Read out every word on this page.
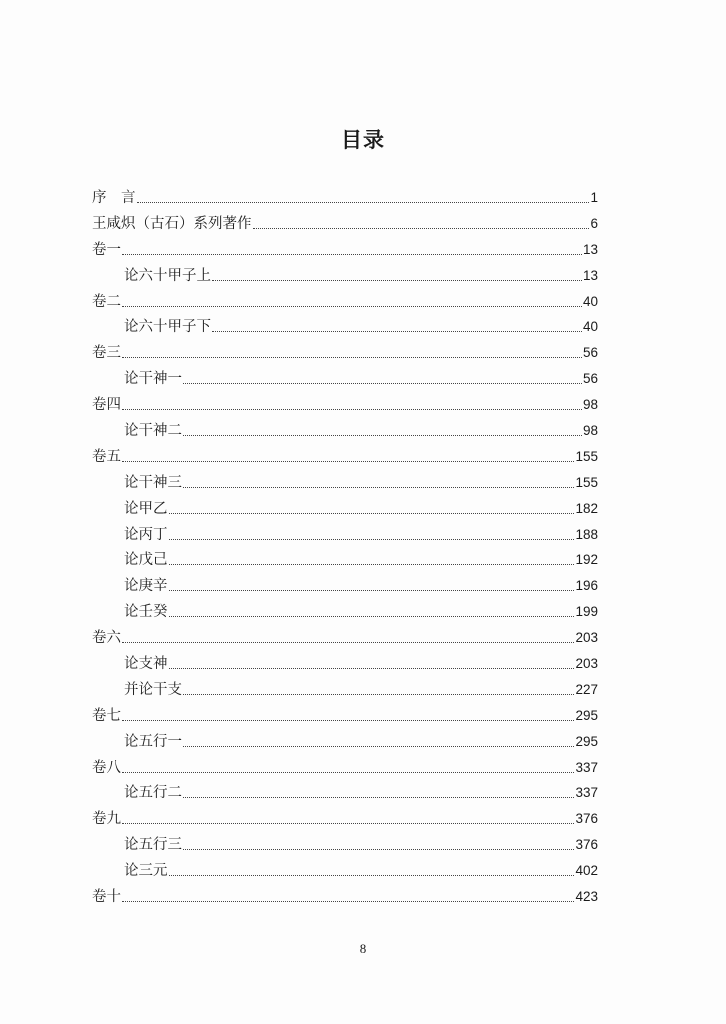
目录
序　言	1
王咸炽（古石）系列著作	6
卷一	13
论六十甲子上	13
卷二	40
论六十甲子下	40
卷三	56
论干神一	56
卷四	98
论干神二	98
卷五	155
论干神三	155
论甲乙	182
论丙丁	188
论戊己	192
论庚辛	196
论壬癸	199
卷六	203
论支神	203
并论干支	227
卷七	295
论五行一	295
卷八	337
论五行二	337
卷九	376
论五行三	376
论三元	402
卷十	423
8
